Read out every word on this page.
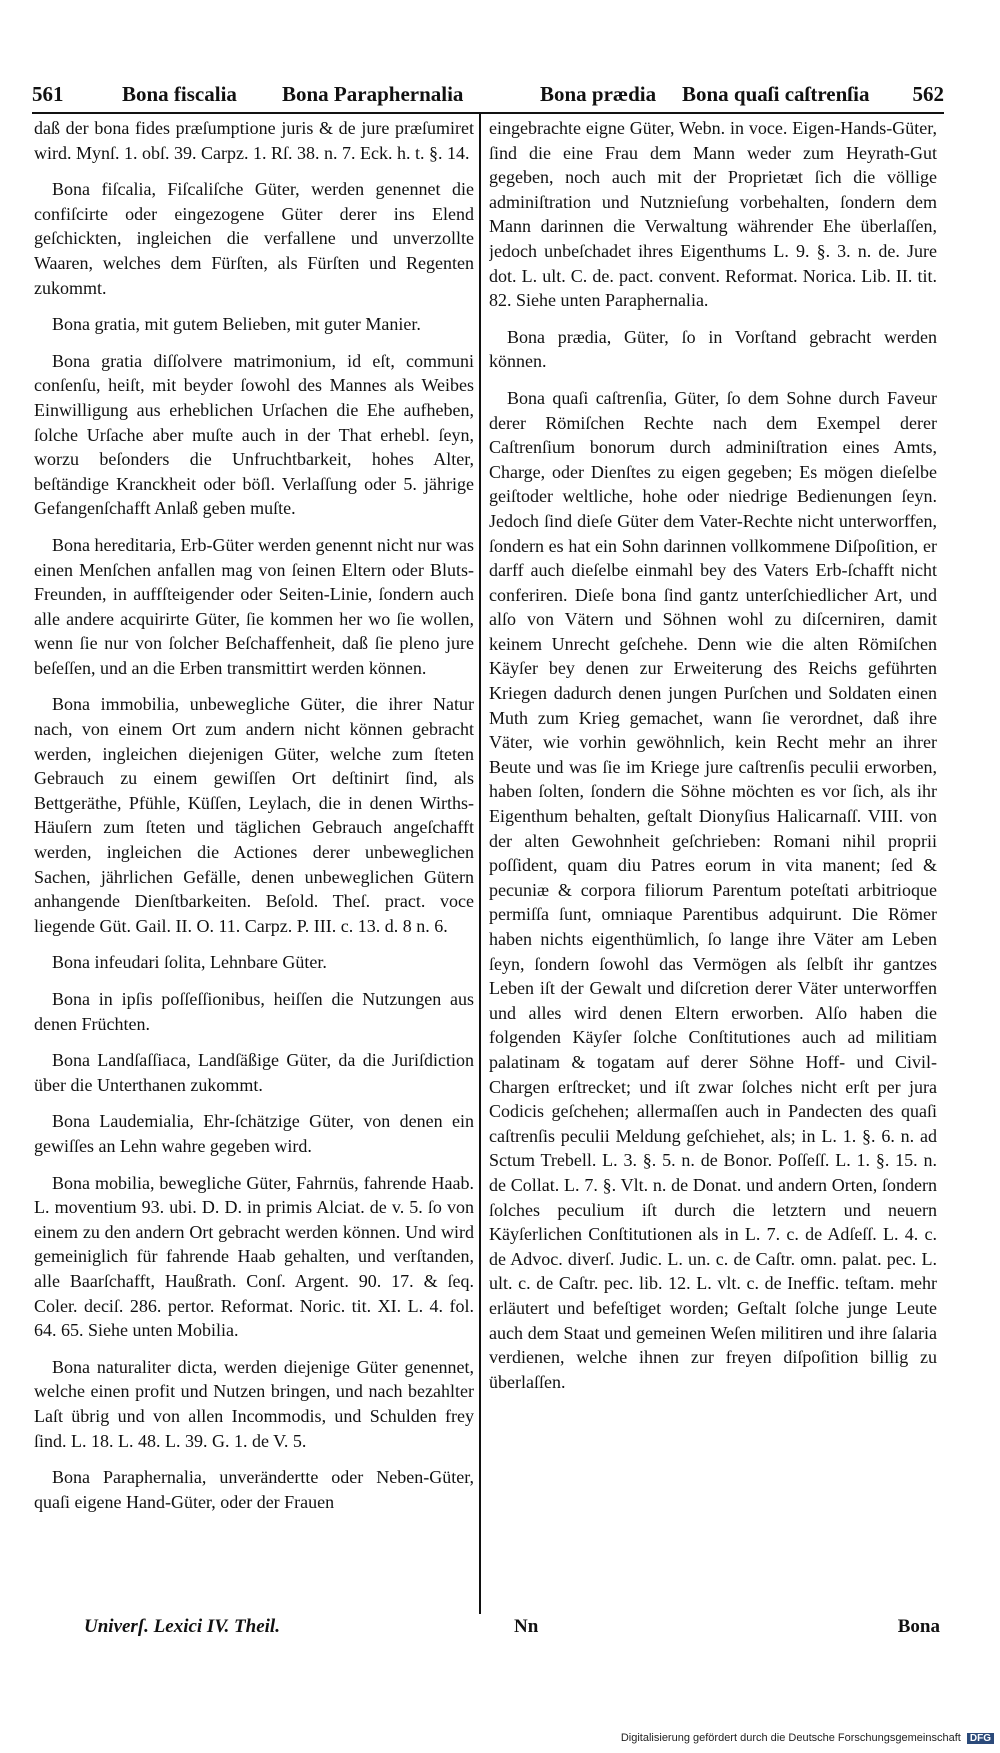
561	Bona fiscalia Bona Paraphernalia	Bona prædia Bona quaſi caſtrenſia 562

daß der bona fides præſumptione juris & de jure præſumiret wird. Mynſ. 1. obſ. 39. Carpz. 1. Rſ. 38. n. 7. Eck. h. t. §. 14.

Bona fiſcalia, Fiſcaliſche Güter, werden genennet die confiſcirte oder eingezogene Güter derer ins Elend geſchickten, ingleichen die verfallene und unverzollte Waaren, welches dem Fürſten, als Fürſten und Regenten zukommt.

Bona gratia, mit gutem Belieben, mit guter Manier.

Bona gratia diſſolvere matrimonium, id eſt, communi conſenſu, heiſt, mit beyder ſowohl des Mannes als Weibes Einwilligung aus erheblichen Urſachen die Ehe aufheben, ſolche Urſache aber muſte auch in der That erhebl. ſeyn, worzu beſonders die Unfruchtbarkeit, hohes Alter, beſtändige Kranckheit oder böſl. Verlaſſung oder 5. jährige Gefangenſchafft Anlaß geben muſte.

Bona hereditaria, Erb-Güter werden genennt nicht nur was einen Menſchen anfallen mag von ſeinen Eltern oder Bluts-Freunden, in auffſteigender oder Seiten-Linie, ſondern auch alle andere acquirirte Güter, ſie kommen her wo ſie wollen, wenn ſie nur von ſolcher Beſchaffenheit, daß ſie pleno jure beſeſſen, und an die Erben transmittirt werden können.

Bona immobilia, unbewegliche Güter, die ihrer Natur nach, von einem Ort zum andern nicht können gebracht werden, ingleichen diejenigen Güter, welche zum ſteten Gebrauch zu einem gewiſſen Ort deſtinirt ſind, als Bettgeräthe, Pfühle, Küſſen, Leylach, die in denen Wirths-Häuſern zum ſteten und täglichen Gebrauch angeſchafft werden, ingleichen die Actiones derer unbeweglichen Sachen, jährlichen Gefälle, denen unbeweglichen Gütern anhangende Dienſtbarkeiten. Beſold. Theſ. pract. voce liegende Güt. Gail. II. O. 11. Carpz. P. III. c. 13. d. 8 n. 6.

Bona infeudari ſolita, Lehnbare Güter.

Bona in ipſis poſſeſſionibus, heiſſen die Nutzungen aus denen Früchten.

Bona Landſaſſiaca, Landſäßige Güter, da die Juriſdiction über die Unterthanen zukommt.

Bona Laudemialia, Ehr-ſchätzige Güter, von denen ein gewiſſes an Lehn wahre gegeben wird.

Bona mobilia, bewegliche Güter, Fahrnüs, fahrende Haab. L. moventium 93. ubi. D. D. in primis Alciat. de v. 5. ſo von einem zu den andern Ort gebracht werden können. Und wird gemeiniglich für fahrende Haab gehalten, und verſtanden, alle Baarſchafft, Haußrath. Conſ. Argent. 90. 17. & ſeq. Coler. deciſ. 286. pertor. Reformat. Noric. tit. XI. L. 4. fol. 64. 65. Siehe unten Mobilia.

Bona naturaliter dicta, werden diejenige Güter genennet, welche einen profit und Nutzen bringen, und nach bezahlter Laſt übrig und von allen Incommodis, und Schulden frey ſind. L. 18. L. 48. L. 39. G. 1. de V. 5.

Bona Paraphernalia, unverändertte oder Neben-Güter, quaſi eigene Hand-Güter, oder der Frauen

eingebrachte eigne Güter, Webn. in voce. Eigen-Hands-Güter, ſind die eine Frau dem Mann weder zum Heyrath-Gut gegeben, noch auch mit der Proprietæt ſich die völlige adminiſtration und Nutznieſung vorbehalten, ſondern dem Mann darinnen die Verwaltung währender Ehe überlaſſen, jedoch unbeſchadet ihres Eigenthums L. 9. §. 3. n. de. Jure dot. L. ult. C. de. pact. convent. Reformat. Norica. Lib. II. tit. 82. Siehe unten Paraphernalia.

Bona prædia, Güter, ſo in Vorſtand gebracht werden können.

Bona quaſi caſtrenſia, Güter, ſo dem Sohne durch Faveur derer Römiſchen Rechte nach dem Exempel derer Caſtrenſium bonorum durch adminiſtration eines Amts, Charge, oder Dienſtes zu eigen gegeben; Es mögen dieſelbe geiſtoder weltliche, hohe oder niedrige Bedienungen ſeyn. Jedoch ſind dieſe Güter dem Vater-Rechte nicht unterworffen, ſondern es hat ein Sohn darinnen vollkommene Diſpoſition, er darff auch dieſelbe einmahl bey des Vaters Erb-ſchafft nicht conferiren. Dieſe bona ſind gantz unterſchiedlicher Art, und alſo von Vätern und Söhnen wohl zu diſcerniren, damit keinem Unrecht geſchehe. Denn wie die alten Römiſchen Käyſer bey denen zur Erweiterung des Reichs geführten Kriegen dadurch denen jungen Purſchen und Soldaten einen Muth zum Krieg gemachet, wann ſie verordnet, daß ihre Väter, wie vorhin gewöhnlich, kein Recht mehr an ihrer Beute und was ſie im Kriege jure caſtrenſis peculii erworben, haben ſolten, ſondern die Söhne möchten es vor ſich, als ihr Eigenthum behalten, geſtalt Dionyſius Halicarnaſſ. VIII. von der alten Gewohnheit geſchrieben: Romani nihil proprii poſſident, quam diu Patres eorum in vita manent; ſed & pecuniæ & corpora filiorum Parentum poteſtati arbitrioque permiſſa ſunt, omniaque Parentibus adquirunt. Die Römer haben nichts eigenthümlich, ſo lange ihre Väter am Leben ſeyn, ſondern ſowohl das Vermögen als ſelbſt ihr gantzes Leben iſt der Gewalt und diſcretion derer Väter unterworffen und alles wird denen Eltern erworben. Alſo haben die folgenden Käyſer ſolche Conſtitutiones auch ad militiam palatinam & togatam auf derer Söhne Hoff- und Civil-Chargen erſtrecket; und iſt zwar ſolches nicht erſt per jura Codicis geſchehen; allermaſſen auch in Pandecten des quaſi caſtrenſis peculii Meldung geſchiehet, als; in L. 1. §. 6. n. ad Sctum Trebell. L. 3. §. 5. n. de Bonor. Poſſeſſ. L. 1. §. 15. n. de Collat. L. 7. §. Vlt. n. de Donat. und andern Orten, ſondern ſolches peculium iſt durch die letztern und neuern Käyſerlichen Conſtitutionen als in L. 7. c. de Adſeſſ. L. 4. c. de Advoc. diverſ. Judic. L. un. c. de Caſtr. omn. palat. pec. L. ult. c. de Caſtr. pec. lib. 12. L. vlt. c. de Ineffic. teſtam. mehr erläutert und befeſtiget worden; Geſtalt ſolche junge Leute auch dem Staat und gemeinen Weſen militiren und ihre ſalaria verdienen, welche ihnen zur freyen diſpoſition billig zu überlaſſen.

Univerſ. Lexici IV. Theil.	Nn	Bona
Digitalisierung gefördert durch die Deutsche Forschungsgemeinschaft DFG
